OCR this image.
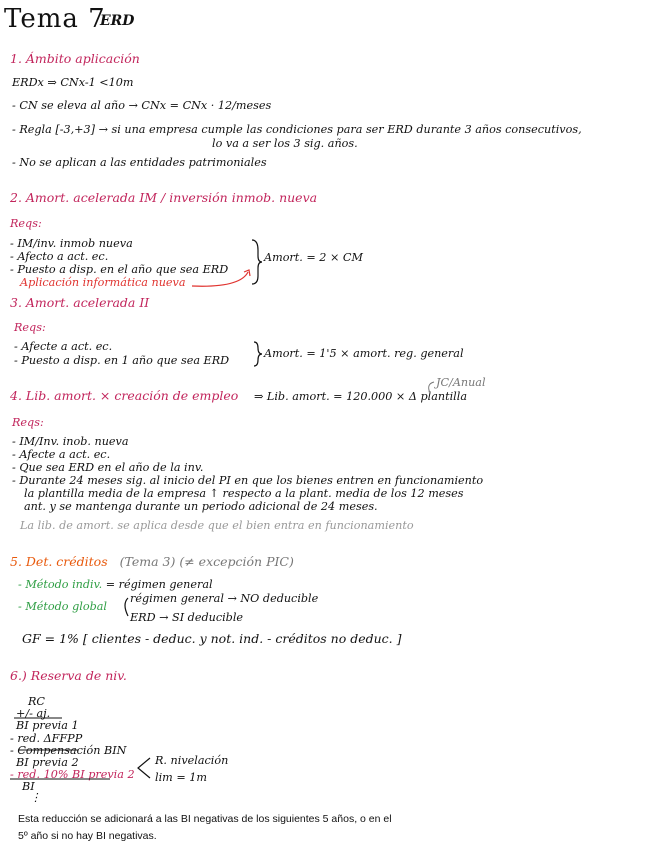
Tema 7
ERD
1. Ámbito aplicación
ERDx ⇒ CNx-1 <10m
- CN se eleva al año → CNx = CNx · 12/meses
- Regla [-3,+3] → si una empresa cumple las condiciones para ser ERD durante 3 años consecutivos,
lo va a ser los 3 sig. años.
- No se aplican a las entidades patrimoniales
2. Amort. acelerada IM / inversión inmob. nueva
Reqs:
- IM/inv. inmob nueva
- Afecto a act. ec.
- Puesto a disp. en el año que sea ERD
Aplicación informática nueva
Amort. = 2 × CM
3. Amort. acelerada II
Reqs:
- Afecte a act. ec.
- Puesto a disp. en 1 año que sea ERD
Amort. = 1'5 × amort. reg. general
4. Lib. amort. × creación de empleo ⇒ Lib. amort. = 120.000 × Δ plantilla
JC/Anual
Reqs:
- IM/Inv. inob. nueva
- Afecte a act. ec.
- Que sea ERD en el año de la inv.
- Durante 24 meses sig. al inicio del PI en que los bienes entren en funcionamiento
la plantilla media de la empresa ↑ respecto a la plant. media de los 12 meses
ant. y se mantenga durante un periodo adicional de 24 meses.
La lib. de amort. se aplica desde que el bien entra en funcionamiento
5. Det. créditos (Tema 3) (≠ excepción PIC)
- Método indiv. = régimen general
- Método global
régimen general → NO deducible
ERD → SI deducible
GF = 1% [ clientes - deduc. y not. ind. - créditos no deduc. ]
6.) Reserva de niv.
RC
+/- aj.
BI previa 1
- red. ΔFFPP
- Compensación BIN
BI previa 2
- red. 10% BI previa 2
BI
⋮
R. nivelación
lim = 1m
Esta reducción se adicionará a las BI negativas de los siguientes 5 años, o en el
5º año si no hay BI negativas.
